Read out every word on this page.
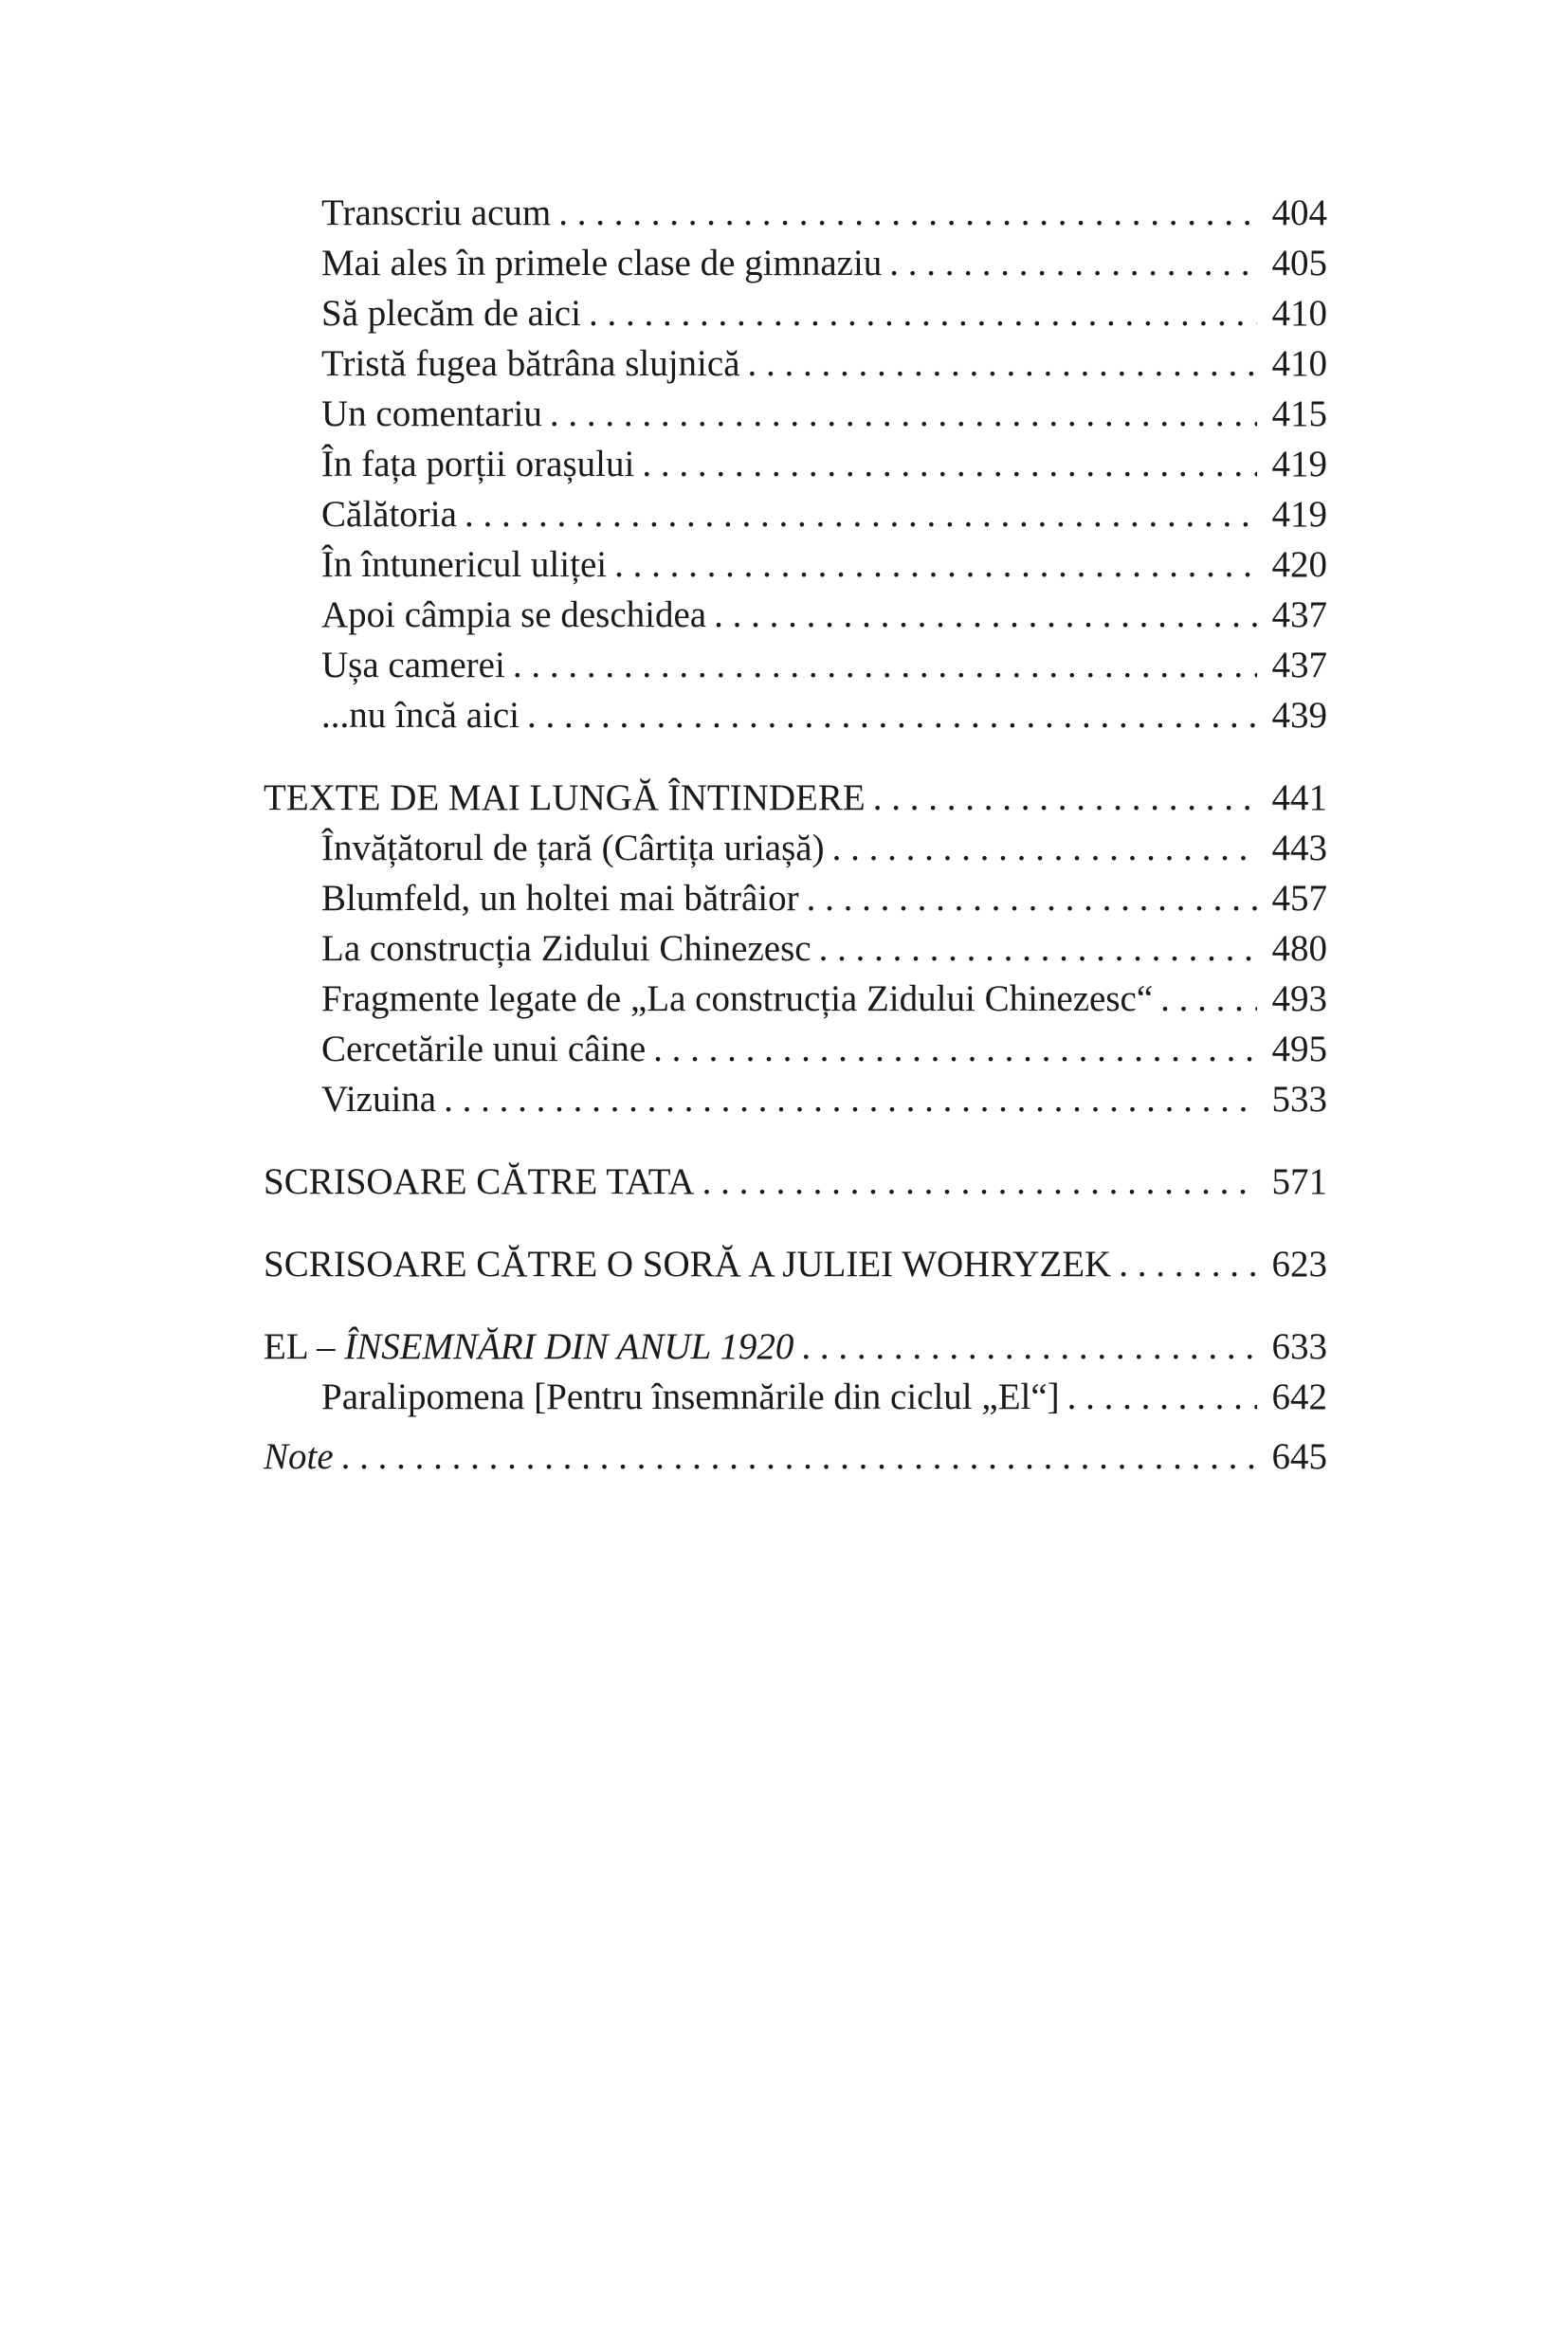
Transcriu acum . . .	404
Mai ales în primele clase de gimnaziu . . .	405
Să plecăm de aici . . .	410
Tristă fugea bătrâna slujnică . . .	410
Un comentariu . . .	415
În fața porții orașului . . .	419
Călătoria . . .	419
În întunericul uliței . . .	420
Apoi câmpia se deschidea . . .	437
Ușa camerei . . .	437
...nu încă aici . . .	439
TEXTE DE MAI LUNGĂ ÎNTINDERE . . .	441
Învățătorul de țară (Cârtița uriașă) . . .	443
Blumfeld, un holtei mai bătrâior . . .	457
La construcția Zidului Chinezesc . . .	480
Fragmente legate de „La construcția Zidului Chinezesc“ . . .	493
Cercetările unui câine . . .	495
Vizuina . . .	533
SCRISOARE CĂTRE TATA . . .	571
SCRISOARE CĂTRE O SORĂ A JULIEI WOHRYZEK . . .	623
EL – ÎNSEMNĂRI DIN ANUL 1920 . . .	633
Paralipomena [Pentru însemnările din ciclul „El“] . . .	642
Note . . .	645
